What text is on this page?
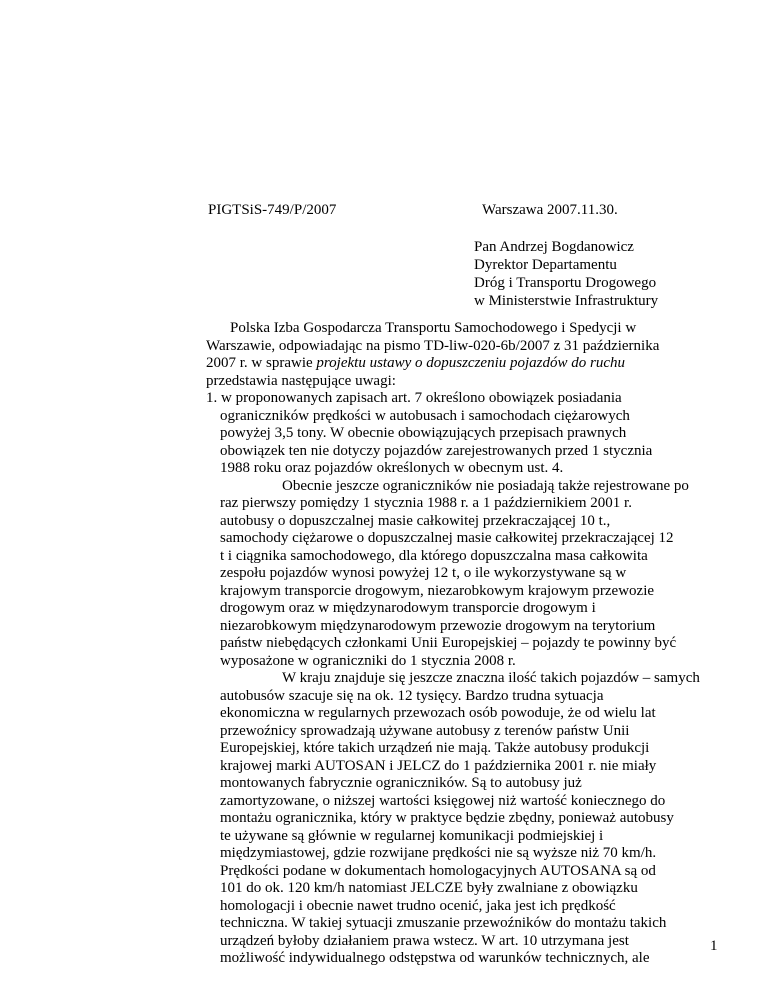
PIGTSiS-749/P/2007	Warszawa 2007.11.30.
Pan Andrzej Bogdanowicz
Dyrektor Departamentu
Dróg i Transportu Drogowego
w Ministerstwie Infrastruktury
Polska Izba Gospodarcza Transportu Samochodowego i Spedycji w
Warszawie, odpowiadając na pismo TD-liw-020-6b/2007 z 31 października
2007 r. w sprawie projektu ustawy o dopuszczeniu pojazdów do ruchu
przedstawia następujące uwagi:
1. w proponowanych zapisach art. 7 określono obowiązek posiadania
ograniczników prędkości w autobusach i samochodach ciężarowych
powyżej 3,5 tony. W obecnie obowiązujących przepisach prawnych
obowiązek ten nie dotyczy pojazdów zarejestrowanych przed 1 stycznia
1988 roku oraz pojazdów określonych w obecnym ust. 4.
Obecnie jeszcze ograniczników nie posiadają także rejestrowane po
raz pierwszy pomiędzy 1 stycznia 1988 r. a 1 październikiem 2001 r.
autobusy o dopuszczalnej masie całkowitej przekraczającej 10 t.,
samochody ciężarowe o dopuszczalnej masie całkowitej przekraczającej 12
t i ciągnika samochodowego, dla którego dopuszczalna masa całkowita
zespołu pojazdów wynosi powyżej 12 t, o ile wykorzystywane są w
krajowym transporcie drogowym, niezarobkowym krajowym przewozie
drogowym oraz w międzynarodowym transporcie drogowym i
niezarobkowym międzynarodowym przewozie drogowym na terytorium
państw niebędących członkami Unii Europejskiej – pojazdy te powinny być
wyposażone w ograniczniki do 1 stycznia 2008 r.
W kraju znajduje się jeszcze znaczna ilość takich pojazdów – samych
autobusów szacuje się na ok. 12 tysięcy. Bardzo trudna sytuacja
ekonomiczna w regularnych przewozach osób powoduje, że od wielu lat
przewoźnicy sprowadzają używane autobusy z terenów państw Unii
Europejskiej, które takich urządzeń nie mają. Także autobusy produkcji
krajowej marki AUTOSAN i JELCZ do 1 października 2001 r. nie miały
montowanych fabrycznie ograniczników. Są to autobusy już
zamortyzowane, o niższej wartości księgowej niż wartość koniecznego do
montażu ogranicznika, który w praktyce będzie zbędny, ponieważ autobusy
te używane są głównie w regularnej komunikacji podmiejskiej i
międzymiastowej, gdzie rozwijane prędkości nie są wyższe niż 70 km/h.
Prędkości podane w dokumentach homologacyjnych AUTOSANA są od
101 do ok. 120 km/h natomiast JELCZE były zwalniane z obowiązku
homologacji i obecnie nawet trudno ocenić, jaka jest ich prędkość
techniczna. W takiej sytuacji zmuszanie przewoźników do montażu takich
urządzeń byłoby działaniem prawa wstecz. W art. 10 utrzymana jest
możliwość indywidualnego odstępstwa od warunków technicznych, ale
1
